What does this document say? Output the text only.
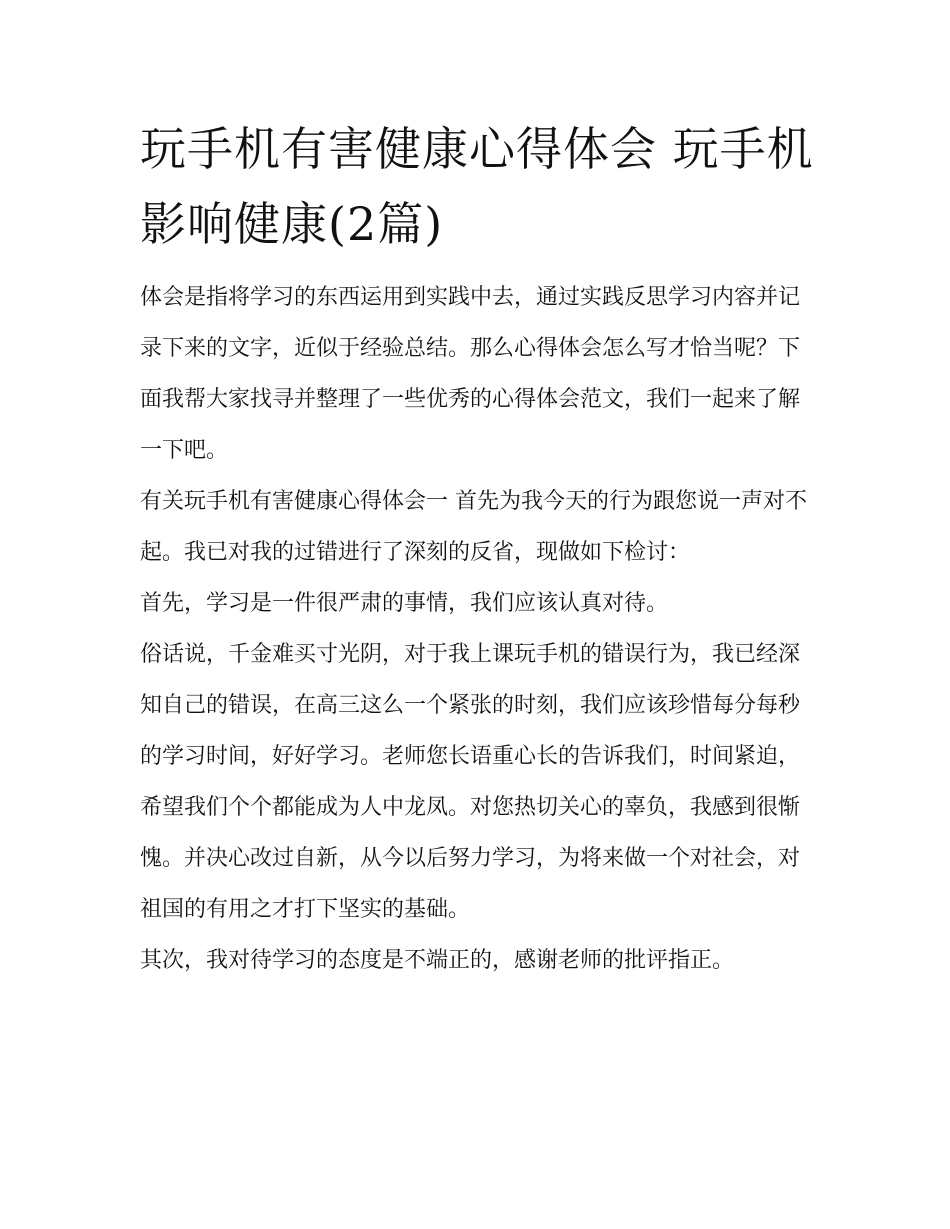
玩手机有害健康心得体会 玩手机影响健康(2篇)

体会是指将学习的东西运用到实践中去，通过实践反思学习内容并记录下来的文字，近似于经验总结。那么心得体会怎么写才恰当呢？下面我帮大家找寻并整理了一些优秀的心得体会范文，我们一起来了解一下吧。

有关玩手机有害健康心得体会一 首先为我今天的行为跟您说一声对不起。我已对我的过错进行了深刻的反省，现做如下检讨：

首先，学习是一件很严肃的事情，我们应该认真对待。

俗话说，千金难买寸光阴，对于我上课玩手机的错误行为，我已经深知自己的错误，在高三这么一个紧张的时刻，我们应该珍惜每分每秒的学习时间，好好学习。老师您长语重心长的告诉我们，时间紧迫，希望我们个个都能成为人中龙凤。对您热切关心的辜负，我感到很惭愧。并决心改过自新，从今以后努力学习，为将来做一个对社会，对祖国的有用之才打下坚实的基础。

其次，我对待学习的态度是不端正的，感谢老师的批评指正。
